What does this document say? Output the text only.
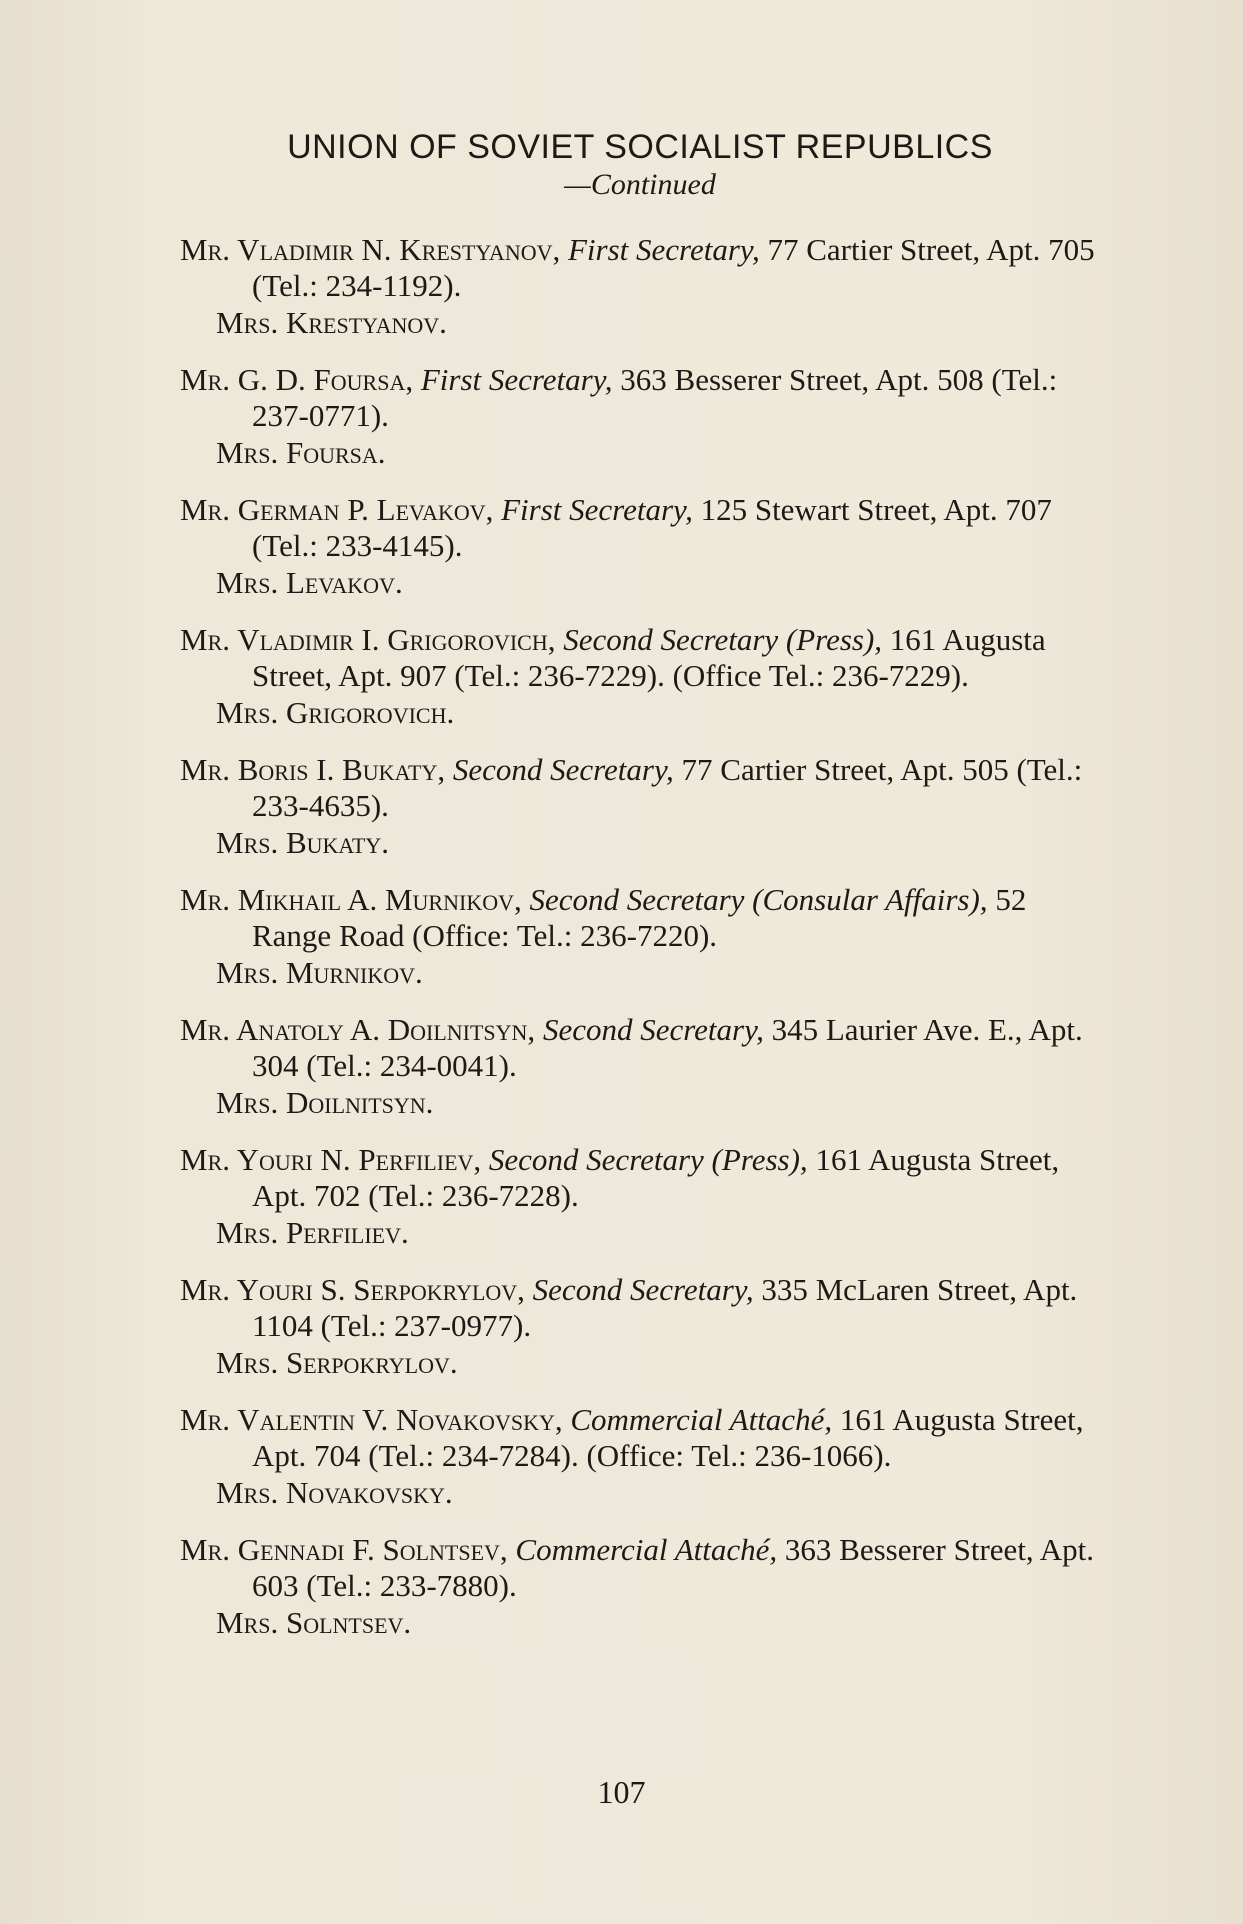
UNION OF SOVIET SOCIALIST REPUBLICS
—Continued

Mr. Vladimir N. Krestyanov, First Secretary, 77 Cartier Street, Apt. 705 (Tel.: 234-1192).

Mrs. Krestyanov.

Mr. G. D. Foursa, First Secretary, 363 Besserer Street, Apt. 508 (Tel.: 237-0771).

Mrs. Foursa.

Mr. German P. Levakov, First Secretary, 125 Stewart Street, Apt. 707 (Tel.: 233-4145).

Mrs. Levakov.

Mr. Vladimir I. Grigorovich, Second Secretary (Press), 161 Augusta Street, Apt. 907 (Tel.: 236-7229). (Office Tel.: 236-7229).

Mrs. Grigorovich.

Mr. Boris I. Bukaty, Second Secretary, 77 Cartier Street, Apt. 505 (Tel.: 233-4635).

Mrs. Bukaty.

Mr. Mikhail A. Murnikov, Second Secretary (Consular Affairs), 52 Range Road (Office: Tel.: 236-7220).

Mrs. Murnikov.

Mr. Anatoly A. Doilnitsyn, Second Secretary, 345 Laurier Ave. E., Apt. 304 (Tel.: 234-0041).

Mrs. Doilnitsyn.

Mr. Youri N. Perfiliev, Second Secretary (Press), 161 Augusta Street, Apt. 702 (Tel.: 236-7228).

Mrs. Perfiliev.

Mr. Youri S. Serpokrylov, Second Secretary, 335 McLaren Street, Apt. 1104 (Tel.: 237-0977).

Mrs. Serpokrylov.

Mr. Valentin V. Novakovsky, Commercial Attaché, 161 Augusta Street, Apt. 704 (Tel.: 234-7284). (Office: Tel.: 236-1066).

Mrs. Novakovsky.

Mr. Gennadi F. Solntsev, Commercial Attaché, 363 Besserer Street, Apt. 603 (Tel.: 233-7880).

Mrs. Solntsev.

107
